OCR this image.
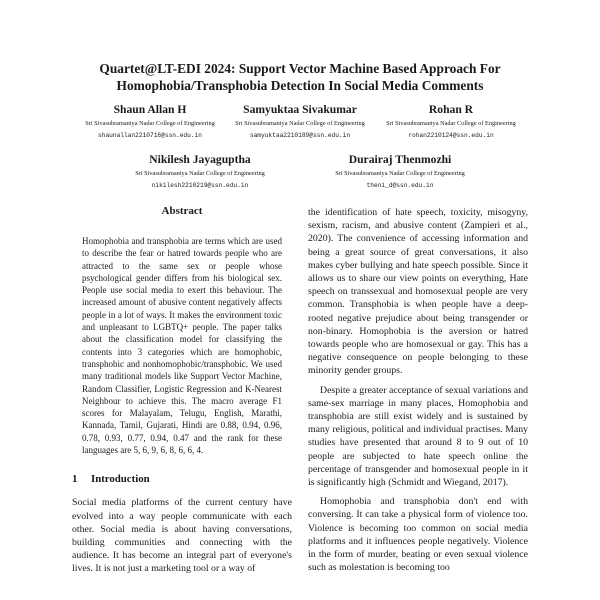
Quartet@LT-EDI 2024: Support Vector Machine Based Approach For Homophobia/Transphobia Detection In Social Media Comments
Shaun Allan H
Sri Sivasubramaniya Nadar College of Engineering
shaunallan2210716@ssn.edu.in
Samyuktaa Sivakumar
Sri Sivasubramaniya Nadar College of Engineering
samyuktaa2210189@ssn.edu.in
Rohan R
Sri Sivasubramaniya Nadar College of Engineering
rohan2210124@ssn.edu.in
Nikilesh Jayaguptha
Sri Sivasubramaniya Nadar College of Engineering
nikilesh2210219@ssn.edu.in
Durairaj Thenmozhi
Sri Sivasubramaniya Nadar College of Engineering
theni_d@ssn.edu.in
Abstract
Homophobia and transphobia are terms which are used to describe the fear or hatred towards people who are attracted to the same sex or people whose psychological gender differs from his biological sex. People use social media to exert this behaviour. The increased amount of abusive content negatively affects people in a lot of ways. It makes the environment toxic and unpleasant to LGBTQ+ people. The paper talks about the classification model for classifying the contents into 3 categories which are homophobic, transphobic and nonhomophobic/transphobic. We used many traditional models like Support Vector Machine, Random Classifier, Logistic Regression and K-Nearest Neighbour to achieve this. The macro average F1 scores for Malayalam, Telugu, English, Marathi, Kannada, Tamil, Gujarati, Hindi are 0.88, 0.94, 0.96, 0.78, 0.93, 0.77, 0.94, 0.47 and the rank for these languages are 5, 6, 9, 6, 8, 6, 6, 4.
1 Introduction
Social media platforms of the current century have evolved into a way people communicate with each other. Social media is about having conversations, building communities and connecting with the audience. It has become an integral part of everyone's lives. It is not just a marketing tool or a way of

the identification of hate speech, toxicity, misogyny, sexism, racism, and abusive content (Zampieri et al., 2020). The convenience of accessing information and being a great source of great conversations, it also makes cyber bullying and hate speech possible. Since it allows us to share our view points on everything, Hate speech on transsexual and homosexual people are very common. Transphobia is when people have a deep-rooted negative prejudice about being transgender or non-binary. Homophobia is the aversion or hatred towards people who are homosexual or gay. This has a negative consequence on people belonging to these minority gender groups.

Despite a greater acceptance of sexual variations and same-sex marriage in many places, Homophobia and transphobia are still exist widely and is sustained by many religious, political and individual practises. Many studies have presented that around 8 to 9 out of 10 people are subjected to hate speech online the percentage of transgender and homosexual people in it is significantly high (Schmidt and Wiegand, 2017).

Homophobia and transphobia don't end with conversing. It can take a physical form of violence too. Violence is becoming too common on social media platforms and it influences people negatively. Violence in the form of murder, beating or even sexual violence such as molestation is becoming too
